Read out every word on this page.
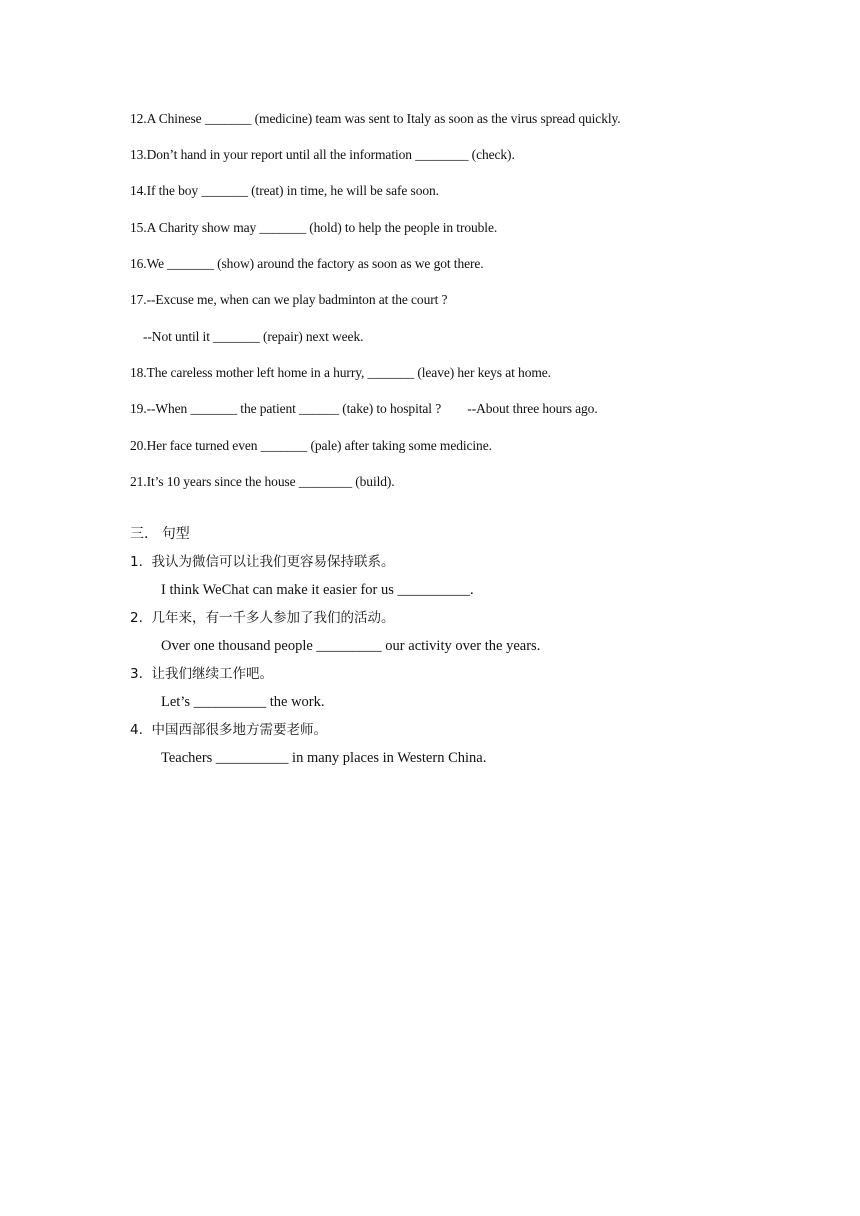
12.A Chinese _______ (medicine) team was sent to Italy as soon as the virus spread quickly.
13.Don’t hand in your report until all the information ________ (check).
14.If the boy _______ (treat) in time, he will be safe soon.
15.A Charity show may _______ (hold) to help the people in trouble.
16.We _______ (show) around the factory as soon as we got there.
17.--Excuse me, when can we play badminton at the court ?
--Not until it _______ (repair) next week.
18.The careless mother left home in a hurry, _______ (leave) her keys at home.
19.--When _______ the patient ______ (take) to hospital ?        --About three hours ago.
20.Her face turned even _______ (pale) after taking some medicine.
21.It’s 10 years since the house ________ (build).
三.   句型
1.  我认为微信可以让我们更容易保持联系。
I think WeChat can make it easier for us __________.
2.  几年来，有一千多人参加了我们的活动。
Over one thousand people _________ our activity over the years.
3.  让我们继续工作吧。
Let’s __________ the work.
4.  中国西部很多地方需要老师。
Teachers __________ in many places in Western China.
